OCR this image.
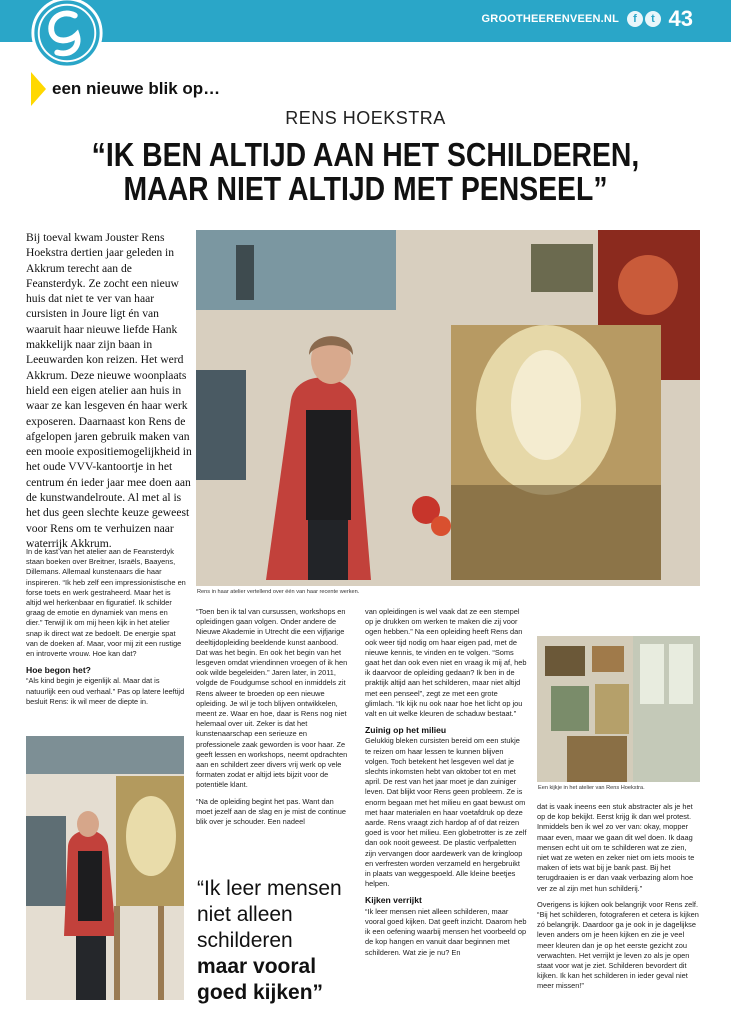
GROOTHEERENVEEN.NL	f	t 43
een nieuwe blik op…
RENS HOEKSTRA
“IK BEN ALTIJD AAN HET SCHILDEREN,
MAAR NIET ALTIJD MET PENSEEL”
Bij toeval kwam Jouster Rens Hoekstra dertien jaar geleden in Akkrum terecht aan de Feansterdyk. Ze zocht een nieuw huis dat niet te ver van haar cursisten in Joure ligt én van waaruit haar nieuwe liefde Hank makkelijk naar zijn baan in Leeuwarden kon reizen. Het werd Akkrum. Deze nieuwe woonplaats hield een eigen atelier aan huis in waar ze kan lesgeven én haar werk exposeren. Daarnaast kon Rens de afgelopen jaren gebruik maken van een mooie expositiemogelijkheid in het oude VVV-kantoortje in het centrum én ieder jaar mee doen aan de kunstwandelroute. Al met al is het dus geen slechte keuze geweest voor Rens om te verhuizen naar waterrijk Akkrum.
Rens in haar atelier vertellend over één van haar recente werken.
Een kijkje in het atelier van Rens Hoekstra.

In de kast van het atelier aan de Feansterdyk staan boeken over Breitner, Israëls, Baayens, Dillemans. Allemaal kunstenaars die haar inspireren. “Ik heb zelf een impressionistische en forse toets en werk gestraheerd. Maar het is altijd wel herkenbaar en figuratief. Ik schilder graag de emotie en dynamiek van mens en dier.” Terwijl ik om mij heen kijk in het atelier snap ik direct wat ze bedoelt. De energie spat van de doeken af. Maar, voor mij zit een rustige en introverte vrouw. Hoe kan dat?

Hoe begon het?

“Als kind begin je eigenlijk al. Maar dat is natuurlijk een oud verhaal.” Pas op latere leeftijd besluit Rens: ik wil meer de diepte in.

“Toen ben ik tal van cursussen, workshops en opleidingen gaan volgen. Onder andere de Nieuwe Akademie in Utrecht die een vijfjarige deeltijdopleiding beeldende kunst aanbood. Dat was het begin. En ook het begin van het lesgeven omdat vriendinnen vroegen of ik hen ook wilde begeleiden.” Jaren later, in 2011, volgde de Foudgumse school en inmiddels zit Rens alweer te broeden op een nieuwe opleiding. Je wil je toch blijven ontwikkelen, meent ze. Waar en hoe, daar is Rens nog niet helemaal over uit. Zeker is dat het kunstenaarschap een serieuze en professionele zaak geworden is voor haar. Ze geeft lessen en workshops, neemt opdrachten aan en schildert zeer divers vrij werk op vele formaten zodat er altijd iets bijzit voor de potentiële klant.

“Na de opleiding begint het pas. Want dan moet jezelf aan de slag en je mist de continue blik over je schouder. Een nadeel

“Ik leer mensen niet alleen schilderen
maar vooral goed kijken”

van opleidingen is wel vaak dat ze een stempel op je drukken om werken te maken die zij voor ogen hebben.” Na een opleiding heeft Rens dan ook weer tijd nodig om haar eigen pad, met de nieuwe kennis, te vinden en te volgen. “Soms gaat het dan ook even niet en vraag ik mij af, heb ik daarvoor de opleiding gedaan? Ik ben in de praktijk altijd aan het schilderen, maar niet altijd met een penseel”, zegt ze met een grote glimlach. “Ik kijk nu ook naar hoe het licht op jou valt en uit welke kleuren de schaduw bestaat.”

Zuinig op het milieu

Gelukkig bleken cursisten bereid om een stukje te reizen om haar lessen te kunnen blijven volgen. Toch betekent het lesgeven wel dat je slechts inkomsten hebt van oktober tot en met april. De rest van het jaar moet je dan zuiniger leven. Dat blijkt voor Rens geen probleem. Ze is enorm begaan met het milieu en gaat bewust om met haar materialen en haar voetafdruk op deze aarde. Rens vraagt zich hardop af of dat reizen goed is voor het milieu. Een globetrotter is ze zelf dan ook nooit geweest. De plastic verfpaletten zijn vervangen door aardewerk van de kringloop en verfresten worden verzameld en hergebruikt in plaats van weggespoeld. Alle kleine beetjes helpen.

Kijken verrijkt

“Ik leer mensen niet alleen schilderen, maar vooral goed kijken. Dat geeft inzicht. Daarom heb ik een oefening waarbij mensen het voorbeeld op de kop hangen en vanuit daar beginnen met schilderen. Wat zie je nu? En

dat is vaak ineens een stuk abstracter als je het op de kop bekijkt. Eerst krijg ik dan wel protest. Inmiddels ben ik wel zo ver van: okay, mopper maar even, maar we gaan dit wel doen. Ik daag mensen echt uit om te schilderen wat ze zien, niet wat ze weten en zeker niet om iets moois te maken of iets wat bij je bank past. Bij het terugdraaien is er dan vaak verbazing alom hoe ver ze al zijn met hun schilderij.”

Overigens is kijken ook belangrijk voor Rens zelf. “Bij het schilderen, fotograferen et cetera is kijken zó belangrijk. Daardoor ga je ook in je dagelijkse leven anders om je heen kijken en zie je veel meer kleuren dan je op het eerste gezicht zou verwachten. Het verrijkt je leven zo als je open staat voor wat je ziet. Schilderen bevordert dit kijken. Ik kan het schilderen in ieder geval niet meer missen!”
